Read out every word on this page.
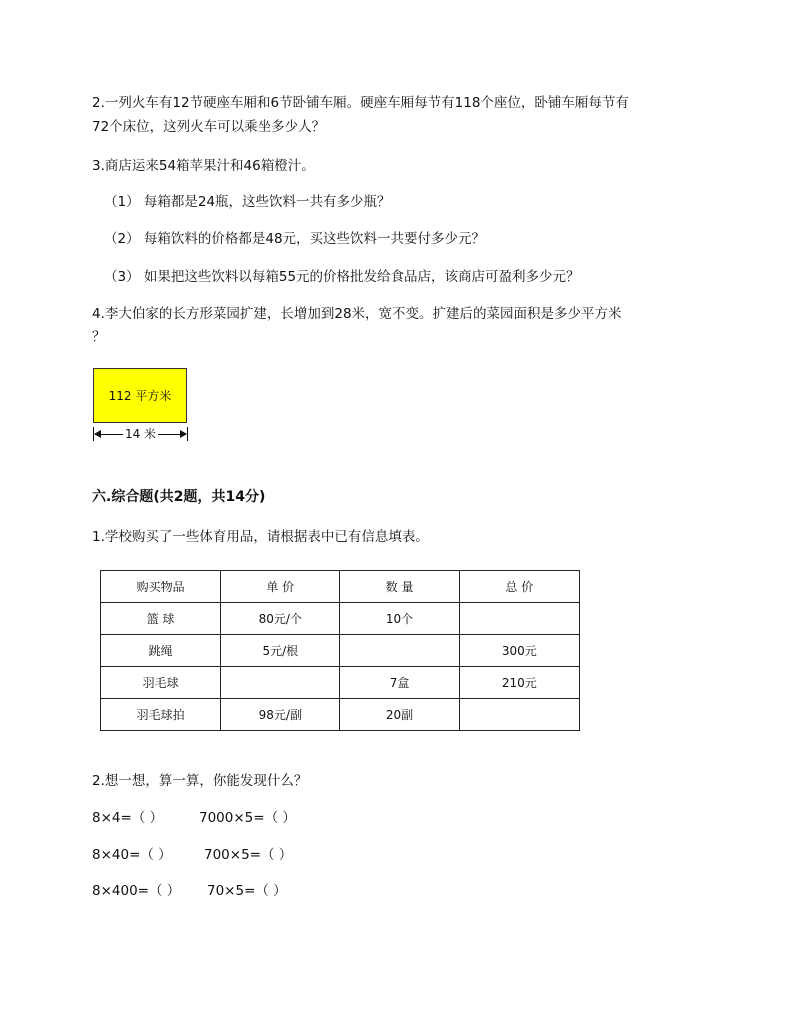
2.一列火车有12节硬座车厢和6节卧铺车厢。硬座车厢每节有118个座位，卧铺车厢每节有
72个床位，这列火车可以乘坐多少人？
3.商店运来54箱苹果汁和46箱橙汁。
（1） 每箱都是24瓶，这些饮料一共有多少瓶？
（2） 每箱饮料的价格都是48元，买这些饮料一共要付多少元？
（3） 如果把这些饮料以每箱55元的价格批发给食品店，该商店可盈利多少元？
4.李大伯家的长方形菜园扩建，长增加到28米，宽不变。扩建后的菜园面积是多少平方米
？
112 平方米
14 米
六.综合题(共2题，共14分)
1.学校购买了一些体育用品，请根据表中已有信息填表。
购买物品	单 价	数 量	总 价
篮 球	80元/个	10个	
跳绳	5元/根		300元
羽毛球		7盒	210元
羽毛球拍	98元/副	20副	
2.想一想，算一算，你能发现什么？
8×4=（ ）	7000×5=（ ）
8×40=（ ） 700×5=（ ）
8×400=（ ） 70×5=（ ）
